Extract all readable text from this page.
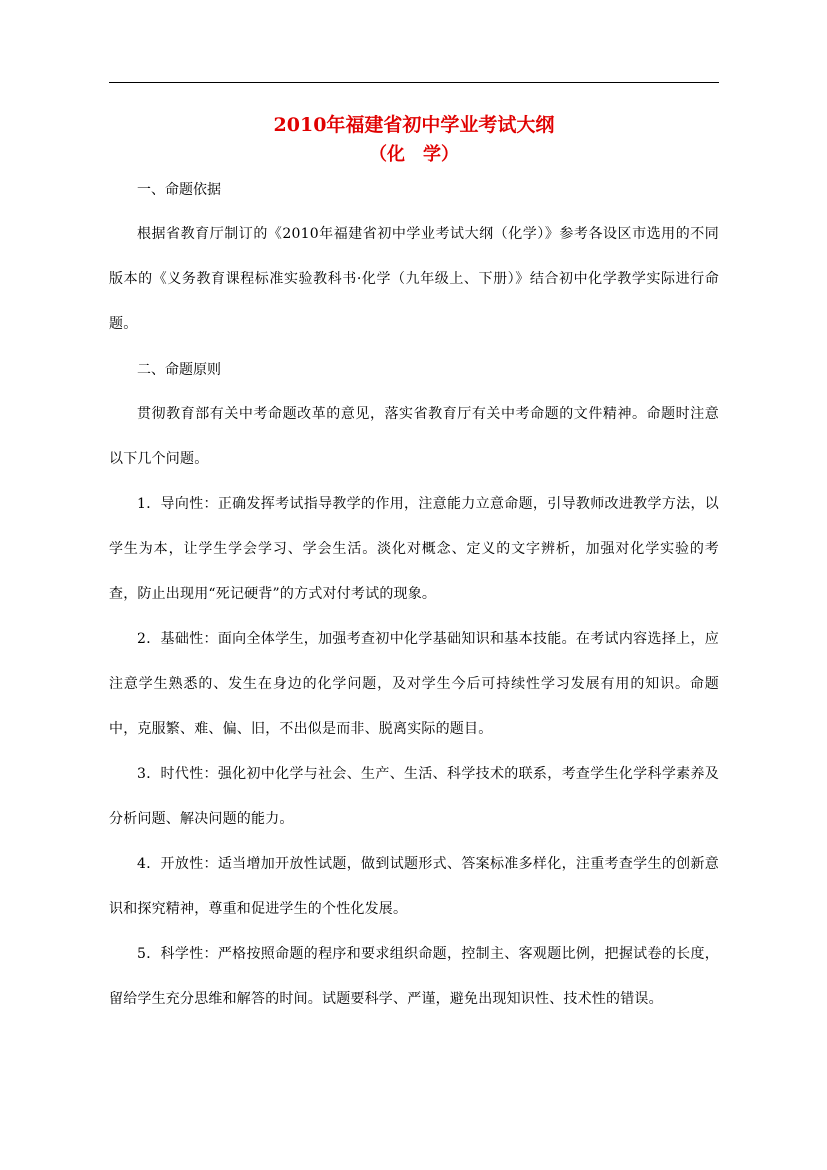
2010年福建省初中学业考试大纲
（化　学）
一、命题依据

根据省教育厅制订的《2010年福建省初中学业考试大纲（化学）》参考各设区市选用的不同版本的《义务教育课程标准实验教科书·化学（九年级上、下册）》结合初中化学教学实际进行命题。

二、命题原则

贯彻教育部有关中考命题改革的意见，落实省教育厅有关中考命题的文件精神。命题时注意以下几个问题。

1．导向性：正确发挥考试指导教学的作用，注意能力立意命题，引导教师改进教学方法，以学生为本，让学生学会学习、学会生活。淡化对概念、定义的文字辨析，加强对化学实验的考查，防止出现用“死记硬背”的方式对付考试的现象。

2．基础性：面向全体学生，加强考查初中化学基础知识和基本技能。在考试内容选择上，应注意学生熟悉的、发生在身边的化学问题，及对学生今后可持续性学习发展有用的知识。命题中，克服繁、难、偏、旧，不出似是而非、脱离实际的题目。

3．时代性：强化初中化学与社会、生产、生活、科学技术的联系，考查学生化学科学素养及分析问题、解决问题的能力。

4．开放性：适当增加开放性试题，做到试题形式、答案标准多样化，注重考查学生的创新意识和探究精神，尊重和促进学生的个性化发展。

5．科学性：严格按照命题的程序和要求组织命题，控制主、客观题比例，把握试卷的长度，留给学生充分思维和解答的时间。试题要科学、严谨，避免出现知识性、技术性的错误。
